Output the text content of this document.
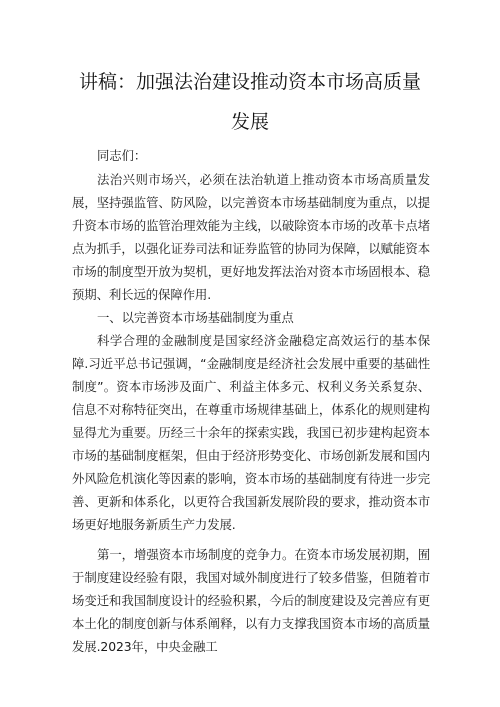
讲稿：加强法治建设推动资本市场高质量
发展

同志们：

法治兴则市场兴，必须在法治轨道上推动资本市场高质量发展，坚持强监管、防风险，以完善资本市场基础制度为重点，以提升资本市场的监管治理效能为主线，以破除资本市场的改革卡点堵点为抓手，以强化证券司法和证券监管的协同为保障，以赋能资本市场的制度型开放为契机，更好地发挥法治对资本市场固根本、稳预期、利长远的保障作用.

一、以完善资本市场基础制度为重点

科学合理的金融制度是国家经济金融稳定高效运行的基本保障.习近平总书记强调，“金融制度是经济社会发展中重要的基础性制度”。资本市场涉及面广、利益主体多元、权利义务关系复杂、信息不对称特征突出，在尊重市场规律基础上，体系化的规则建构显得尤为重要。历经三十余年的探索实践，我国已初步建构起资本市场的基础制度框架，但由于经济形势变化、市场创新发展和国内外风险危机演化等因素的影响，资本市场的基础制度有待进一步完善、更新和体系化，以更符合我国新发展阶段的要求，推动资本市场更好地服务新质生产力发展.

第一，增强资本市场制度的竞争力。在资本市场发展初期，囿于制度建设经验有限，我国对域外制度进行了较多借鉴，但随着市场变迁和我国制度设计的经验积累，今后的制度建设及完善应有更本土化的制度创新与体系阐释，以有力支撑我国资本市场的高质量发展.2023年，中央金融工
